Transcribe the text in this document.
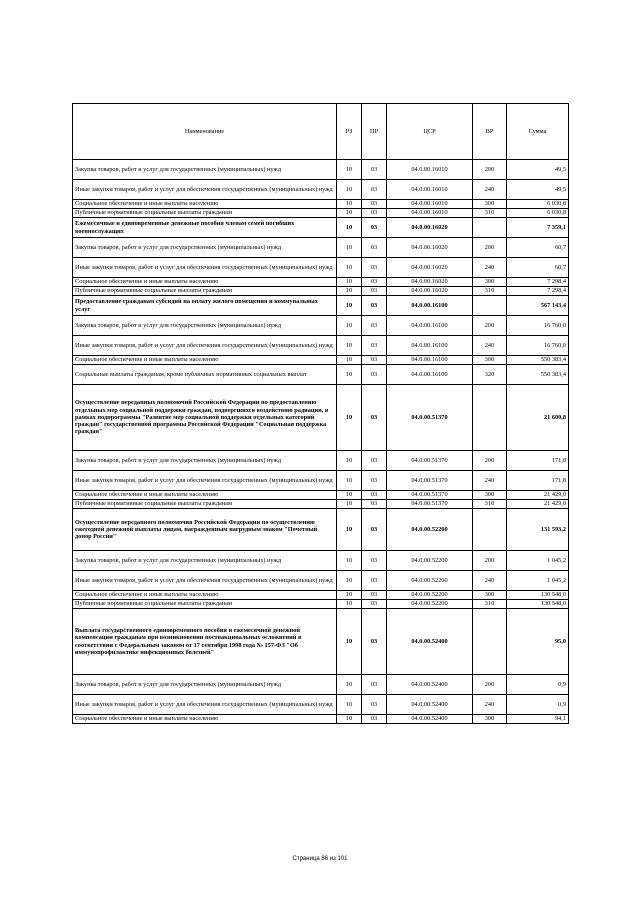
Наименование	РЗ	ПР	ЦСР	ВР	Сумма
Закупка товаров, работ и услуг для государственных (муниципальных) нужд	10	03	04.0.00.16010	200	49,5
Иные закупки товаров, работ и услуг для обеспечения государственных (муниципальных) нужд	10	03	04.0.00.16010	240	49,5
Социальное обеспечение и иные выплаты населению	10	03	04.0.00.16010	300	6 030,8
Публичные нормативные социальные выплаты гражданам	10	03	04.0.00.16010	310	6 030,8
Ежемесячные и единовременные денежные пособия членам семей погибших военнослужащих	10	03	04.0.00.16020		7 359,1
Закупка товаров, работ и услуг для государственных (муниципальных) нужд	10	03	04.0.00.16020	200	60,7
Иные закупки товаров, работ и услуг для обеспечения государственных (муниципальных) нужд	10	03	04.0.00.16020	240	60,7
Социальное обеспечение и иные выплаты населению	10	03	04.0.00.16020	300	7 298,4
Публичные нормативные социальные выплаты гражданам	10	03	04.0.00.16020	310	7 298,4
Предоставление гражданам субсидий на оплату жилого помещения и коммунальных услуг	10	03	04.0.00.16100		567 143,4
Закупка товаров, работ и услуг для государственных (муниципальных) нужд	10	03	04.0.00.16100	200	16 760,0
Иные закупки товаров, работ и услуг для обеспечения государственных (муниципальных) нужд	10	03	04.0.00.16100	240	16 760,0
Социальное обеспечение и иные выплаты населению	10	03	04.0.00.16100	300	550 383,4
Социальные выплаты гражданам, кроме публичных нормативных социальных выплат	10	03	04.0.00.16100	320	550 383,4
Осуществление переданных полномочий Российской Федерации по предоставлению отдельных мер социальной поддержки граждан, подвергшихся воздействию радиации, в рамках подпрограммы "Развитие мер социальной поддержки отдельных категорий граждан" государственной программы Российской Федерации "Социальная поддержка граждан"	10	03	04.0.00.51370		21 600,8
Закупка товаров, работ и услуг для государственных (муниципальных) нужд	10	03	04.0.00.51370	200	171,8
Иные закупки товаров, работ и услуг для обеспечения государственных (муниципальных) нужд	10	03	04.0.00.51370	240	171,8
Социальное обеспечение и иные выплаты населению	10	03	04.0.00.51370	300	21 429,0
Публичные нормативные социальные выплаты гражданам	10	03	04.0.00.51370	310	21 429,0
Осуществление переданного полномочия Российской Федерации по осуществлению ежегодной денежной выплаты лицам, награжденным нагрудным знаком "Почетный донор России"	10	03	04.0.00.52200		131 593,2
Закупка товаров, работ и услуг для государственных (муниципальных) нужд	10	03	04.0.00.52200	200	1 045,2
Иные закупки товаров, работ и услуг для обеспечения государственных (муниципальных) нужд	10	03	04.0.00.52200	240	1 045,2
Социальное обеспечение и иные выплаты населению	10	03	04.0.00.52200	300	130 548,0
Публичные нормативные социальные выплаты гражданам	10	03	04.0.00.52200	310	130 548,0
Выплата государственного единовременного пособия и ежемесячной денежной компенсации гражданам при возникновении поствакцинальных осложнений в соответствии с Федеральным законом от 17 сентября 1998 года № 157-ФЗ "Об иммунопрофилактике инфекционных болезней"	10	03	04.0.00.52400		95,0
Закупка товаров, работ и услуг для государственных (муниципальных) нужд	10	03	04.0.00.52400	200	0,9
Иные закупки товаров, работ и услуг для обеспечения государственных (муниципальных) нужд	10	03	04.0.00.52400	240	0,9
Социальное обеспечение и иные выплаты населению	10	03	04.0.00.52400	300	94,1
Страница 86 из 101
